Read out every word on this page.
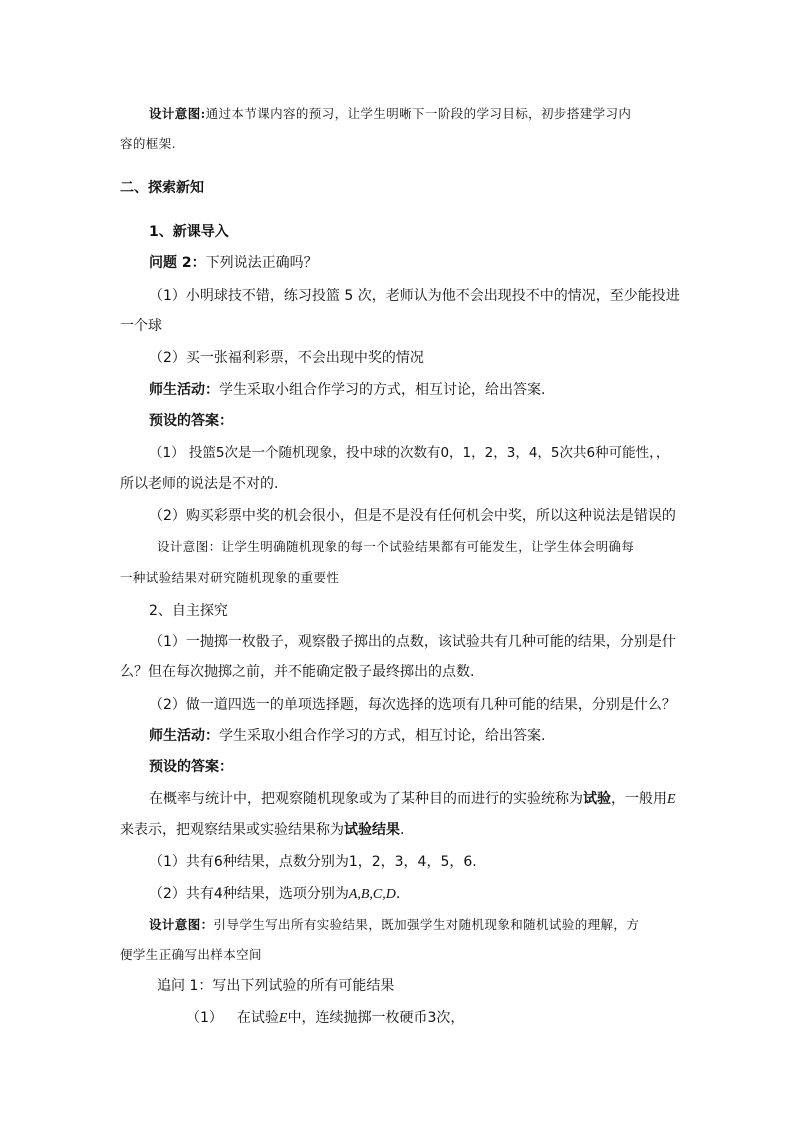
设计意图:通过本节课内容的预习，让学生明晰下一阶段的学习目标，初步搭建学习内
容的框架.
二、探索新知
1、新课导入
问题 2：下列说法正确吗？
（1）小明球技不错，练习投篮 5 次，老师认为他不会出现投不中的情况，至少能投进
一个球
（2）买一张福利彩票，不会出现中奖的情况
师生活动：学生采取小组合作学习的方式，相互讨论，给出答案.
预设的答案：
（1） 投篮5次是一个随机现象，投中球的次数有0，1，2，3，4，5次共6种可能性，，
所以老师的说法是不对的.
（2）购买彩票中奖的机会很小，但是不是没有任何机会中奖，所以这种说法是错误的
设计意图：让学生明确随机现象的每一个试验结果都有可能发生，让学生体会明确每
一种试验结果对研究随机现象的重要性
2、自主探究
（1）一抛掷一枚骰子，观察骰子掷出的点数，该试验共有几种可能的结果，分别是什
么？但在每次抛掷之前，并不能确定骰子最终掷出的点数.
（2）做一道四选一的单项选择题，每次选择的选项有几种可能的结果，分别是什么？
师生活动：学生采取小组合作学习的方式，相互讨论，给出答案.
预设的答案：
在概率与统计中，把观察随机现象或为了某种目的而进行的实验统称为试验，一般用E
来表示，把观察结果或实验结果称为试验结果.
（1）共有6种结果，点数分别为1，2，3，4，5，6.
（2）共有4种结果，选项分别为A,B,C,D.
设计意图：引导学生写出所有实验结果，既加强学生对随机现象和随机试验的理解，方
便学生正确写出样本空间
追问 1：写出下列试验的所有可能结果
（1） 在试验E中，连续抛掷一枚硬币3次，
